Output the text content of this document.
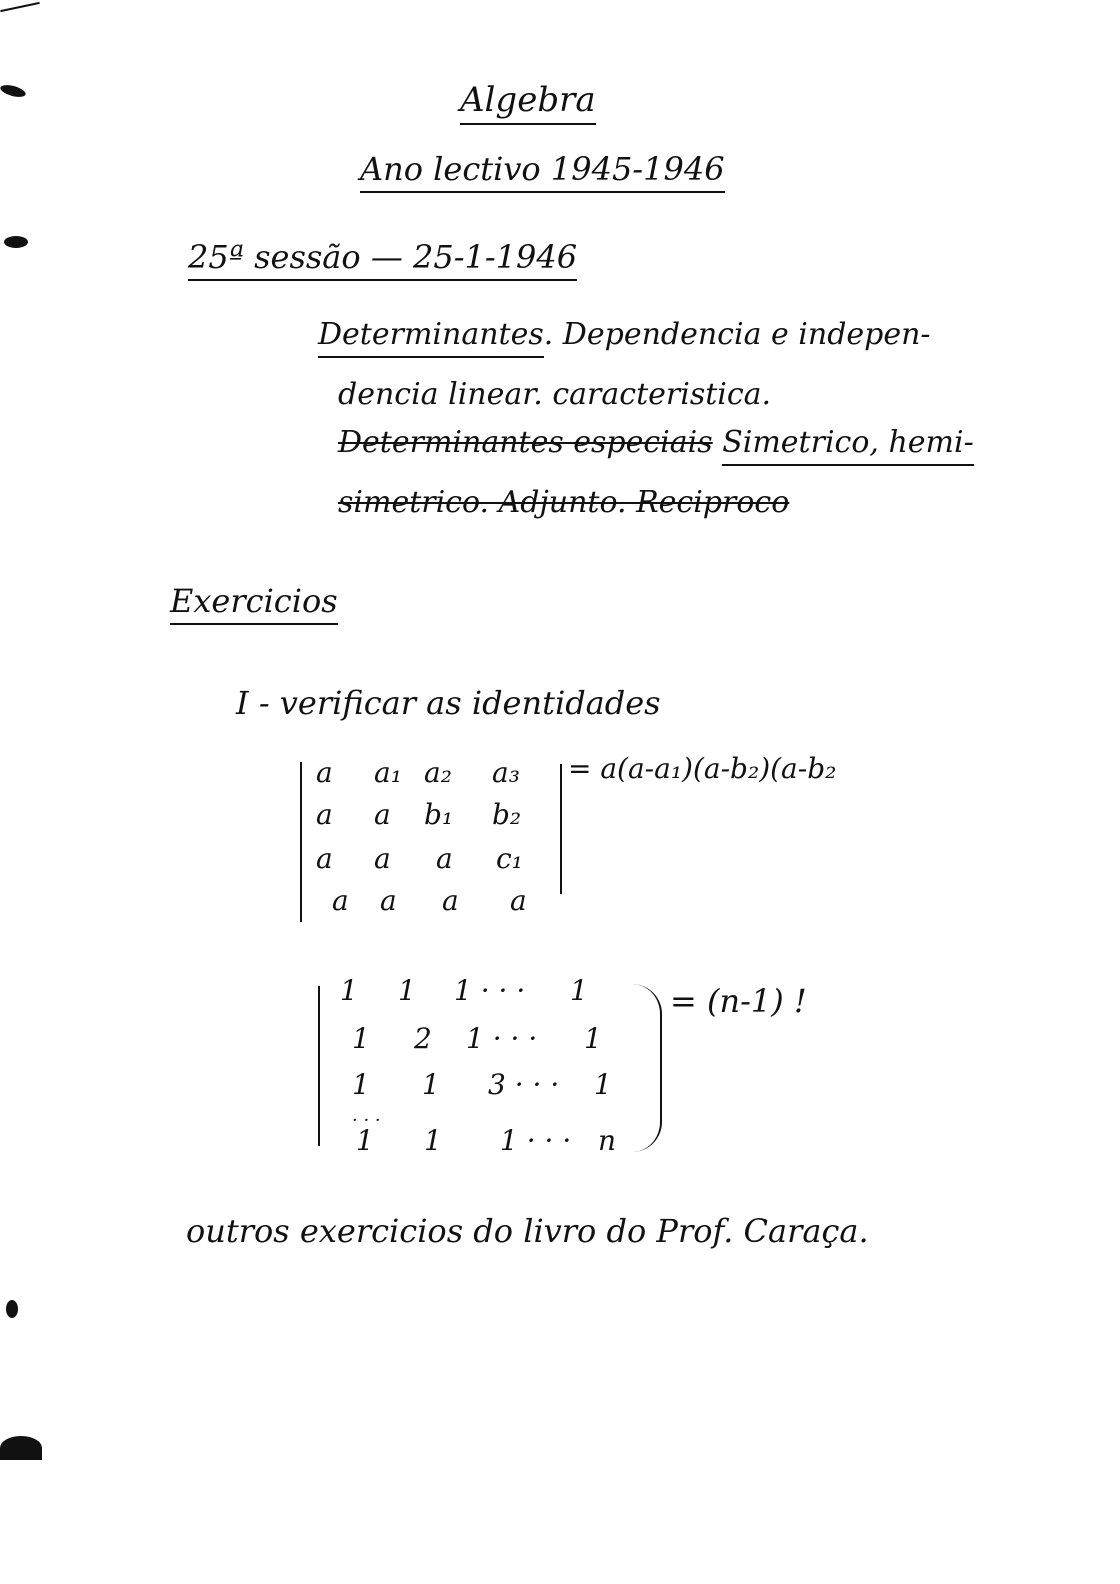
Algebra
Ano lectivo 1945-1946
25ª sessão — 25-1-1946
Determinantes. Dependencia e indepen-
dencia linear. caracteristica.
Determinantes especiais Simetrico, hemi-
simetrico. Adjunto. Reciproco
Exercicios
I - verificar as identidades
a a₁ a₂ a₃
a a b₁ b₂
a a a c₁
a a a a
= a(a-a₁)(a-b₂)(a-b₂
1 1 1 · · · 1
1 2 1 · · · 1
1 1 3 · · · 1
· · ·
1 1 1 · · · n
= (n-1) !
outros exercicios do livro do Prof. Caraça.
